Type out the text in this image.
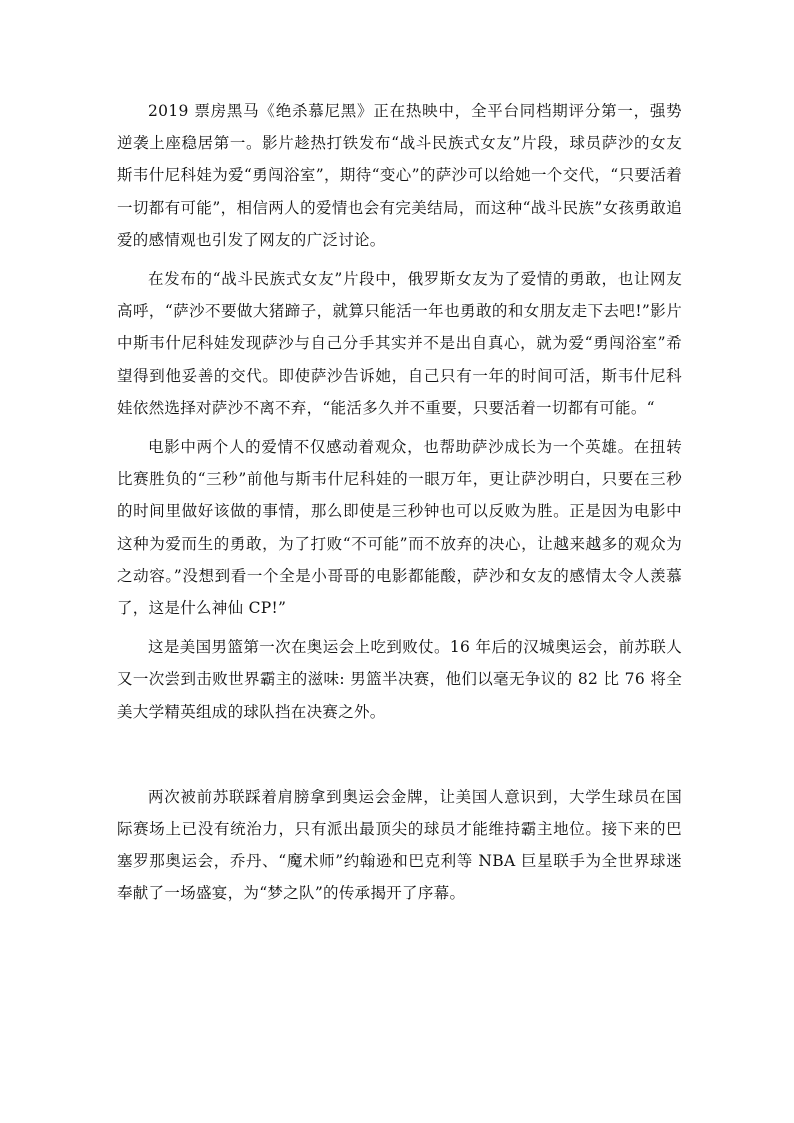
2019 票房黑马《绝杀慕尼黑》正在热映中，全平台同档期评分第一，强势逆袭上座稳居第一。影片趁热打铁发布“战斗民族式女友”片段，球员萨沙的女友斯韦什尼科娃为爱“勇闯浴室”，期待“变心”的萨沙可以给她一个交代，“只要活着一切都有可能”，相信两人的爱情也会有完美结局，而这种“战斗民族”女孩勇敢追爱的感情观也引发了网友的广泛讨论。

在发布的“战斗民族式女友”片段中，俄罗斯女友为了爱情的勇敢，也让网友高呼，“萨沙不要做大猪蹄子，就算只能活一年也勇敢的和女朋友走下去吧!”影片中斯韦什尼科娃发现萨沙与自己分手其实并不是出自真心，就为爱“勇闯浴室”希望得到他妥善的交代。即使萨沙告诉她，自己只有一年的时间可活，斯韦什尼科娃依然选择对萨沙不离不弃，“能活多久并不重要，只要活着一切都有可能。“

电影中两个人的爱情不仅感动着观众，也帮助萨沙成长为一个英雄。在扭转比赛胜负的“三秒”前他与斯韦什尼科娃的一眼万年，更让萨沙明白，只要在三秒的时间里做好该做的事情，那么即使是三秒钟也可以反败为胜。正是因为电影中这种为爱而生的勇敢，为了打败“不可能”而不放弃的决心，让越来越多的观众为之动容。”没想到看一个全是小哥哥的电影都能酸，萨沙和女友的感情太令人羡慕了，这是什么神仙 CP!”

这是美国男篮第一次在奥运会上吃到败仗。16 年后的汉城奥运会，前苏联人又一次尝到击败世界霸主的滋味: 男篮半决赛，他们以毫无争议的 82 比 76 将全美大学精英组成的球队挡在决赛之外。

两次被前苏联踩着肩膀拿到奥运会金牌，让美国人意识到，大学生球员在国际赛场上已没有统治力，只有派出最顶尖的球员才能维持霸主地位。接下来的巴塞罗那奥运会，乔丹、“魔术师”约翰逊和巴克利等 NBA 巨星联手为全世界球迷奉献了一场盛宴，为“梦之队”的传承揭开了序幕。
